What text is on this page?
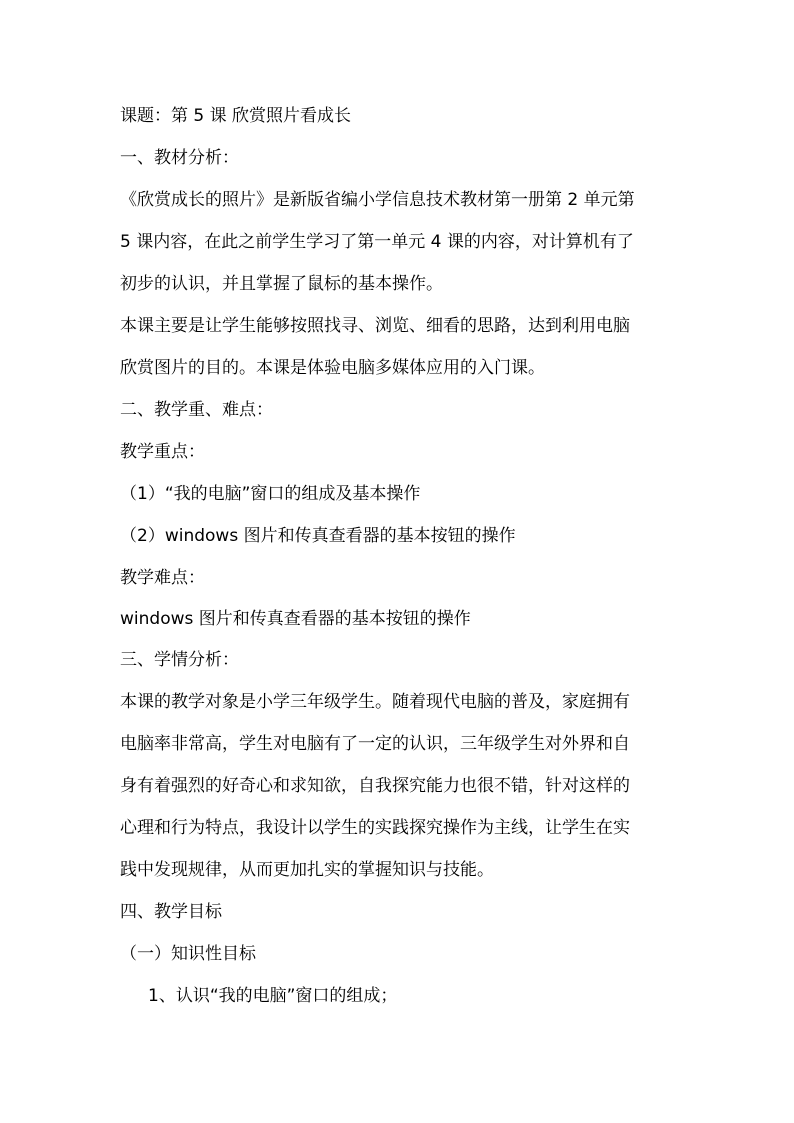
课题：第 5 课 欣赏照片看成长
一、教材分析：
《欣赏成长的照片》是新版省编小学信息技术教材第一册第 2 单元第
5 课内容，在此之前学生学习了第一单元 4 课的内容，对计算机有了
初步的认识，并且掌握了鼠标的基本操作。
本课主要是让学生能够按照找寻、浏览、细看的思路，达到利用电脑
欣赏图片的目的。本课是体验电脑多媒体应用的入门课。
二、教学重、难点：
教学重点：
（1）“我的电脑”窗口的组成及基本操作
（2）windows 图片和传真查看器的基本按钮的操作
教学难点：
windows 图片和传真查看器的基本按钮的操作
三、学情分析：
本课的教学对象是小学三年级学生。随着现代电脑的普及，家庭拥有
电脑率非常高，学生对电脑有了一定的认识，三年级学生对外界和自
身有着强烈的好奇心和求知欲，自我探究能力也很不错，针对这样的
心理和行为特点，我设计以学生的实践探究操作为主线，让学生在实
践中发现规律，从而更加扎实的掌握知识与技能。
四、教学目标
（一）知识性目标
1、认识“我的电脑”窗口的组成；
